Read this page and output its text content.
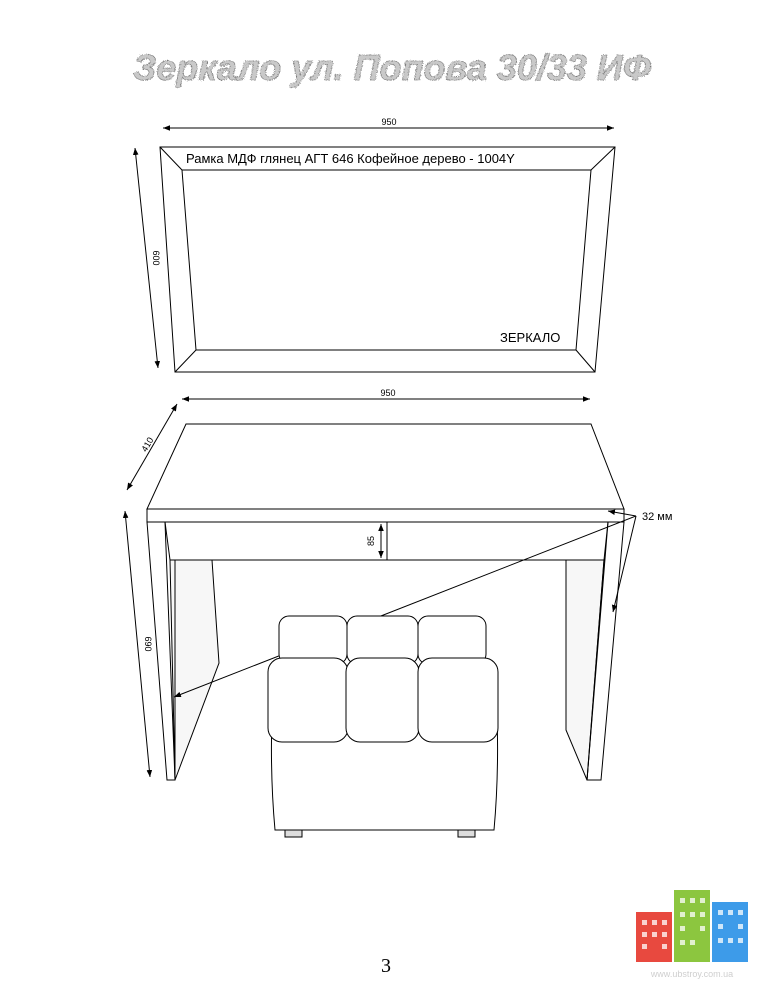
Зеркало ул. Попова 30/33 ИФ
950
600
Рамка МДФ глянец АГТ 646 Кофейное дерево - 1004Y
ЗЕРКАЛО
950
410
690
85
32 мм
3	www.ubstroy.com.ua
